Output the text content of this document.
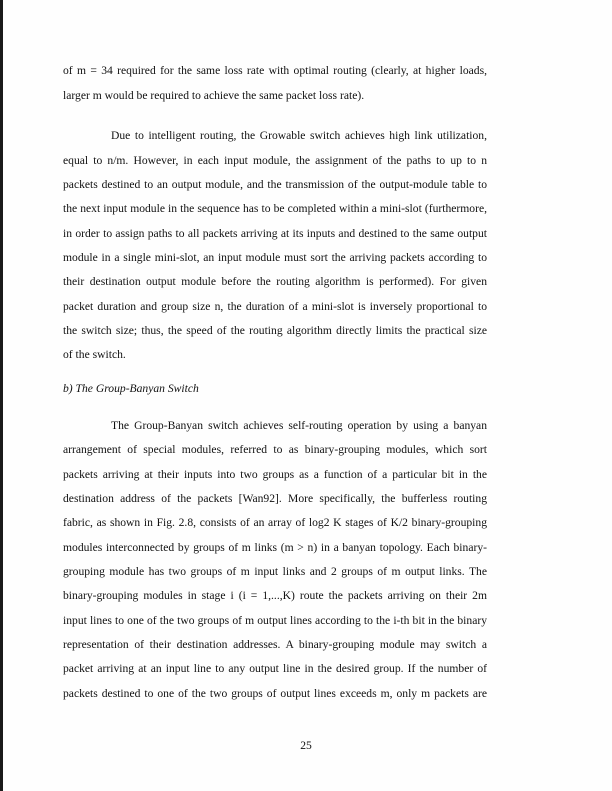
of m = 34 required for the same loss rate with optimal routing (clearly, at higher loads,
larger m would be required to achieve the same packet loss rate).
Due to intelligent routing, the Growable switch achieves high link utilization,
equal to n/m. However, in each input module, the assignment of the paths to up to n
packets destined to an output module, and the transmission of the output-module table to
the next input module in the sequence has to be completed within a mini-slot (furthermore,
in order to assign paths to all packets arriving at its inputs and destined to the same output
module in a single mini-slot, an input module must sort the arriving packets according to
their destination output module before the routing algorithm is performed). For given
packet duration and group size n, the duration of a mini-slot is inversely proportional to
the switch size; thus, the speed of the routing algorithm directly limits the practical size
of the switch.
b) The Group-Banyan Switch
The Group-Banyan switch achieves self-routing operation by using a banyan
arrangement of special modules, referred to as binary-grouping modules, which sort
packets arriving at their inputs into two groups as a function of a particular bit in the
destination address of the packets [Wan92]. More specifically, the bufferless routing
fabric, as shown in Fig. 2.8, consists of an array of log2 K stages of K/2 binary-grouping
modules interconnected by groups of m links (m > n) in a banyan topology. Each binary-
grouping module has two groups of m input links and 2 groups of m output links. The
binary-grouping modules in stage i (i = 1,...,K) route the packets arriving on their 2m
input lines to one of the two groups of m output lines according to the i-th bit in the binary
representation of their destination addresses. A binary-grouping module may switch a
packet arriving at an input line to any output line in the desired group. If the number of
packets destined to one of the two groups of output lines exceeds m, only m packets are
25
